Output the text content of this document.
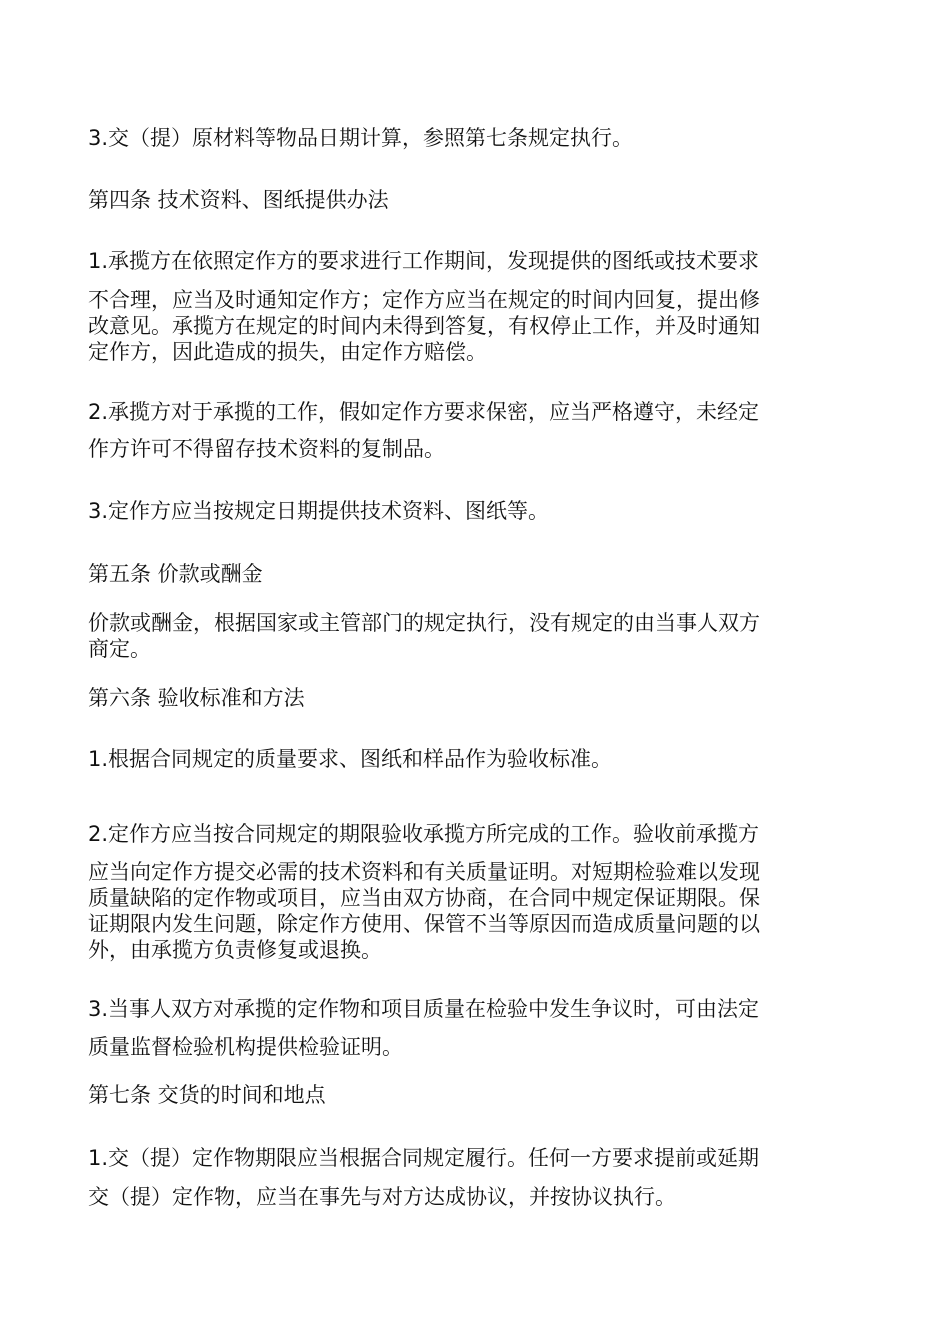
3.交（提）原材料等物品日期计算，参照第七条规定执行。
第四条 技术资料、图纸提供办法
1.承揽方在依照定作方的要求进行工作期间，发现提供的图纸或技术要求
不合理，应当及时通知定作方；定作方应当在规定的时间内回复，提出修
改意见。承揽方在规定的时间内未得到答复，有权停止工作，并及时通知
定作方，因此造成的损失，由定作方赔偿。
2.承揽方对于承揽的工作，假如定作方要求保密，应当严格遵守，未经定
作方许可不得留存技术资料的复制品。
3.定作方应当按规定日期提供技术资料、图纸等。
第五条 价款或酬金
价款或酬金，根据国家或主管部门的规定执行，没有规定的由当事人双方
商定。
第六条 验收标准和方法
1.根据合同规定的质量要求、图纸和样品作为验收标准。
2.定作方应当按合同规定的期限验收承揽方所完成的工作。验收前承揽方
应当向定作方提交必需的技术资料和有关质量证明。对短期检验难以发现
质量缺陷的定作物或项目，应当由双方协商，在合同中规定保证期限。保
证期限内发生问题，除定作方使用、保管不当等原因而造成质量问题的以
外，由承揽方负责修复或退换。
3.当事人双方对承揽的定作物和项目质量在检验中发生争议时，可由法定
质量监督检验机构提供检验证明。
第七条 交货的时间和地点
1.交（提）定作物期限应当根据合同规定履行。任何一方要求提前或延期
交（提）定作物，应当在事先与对方达成协议，并按协议执行。
